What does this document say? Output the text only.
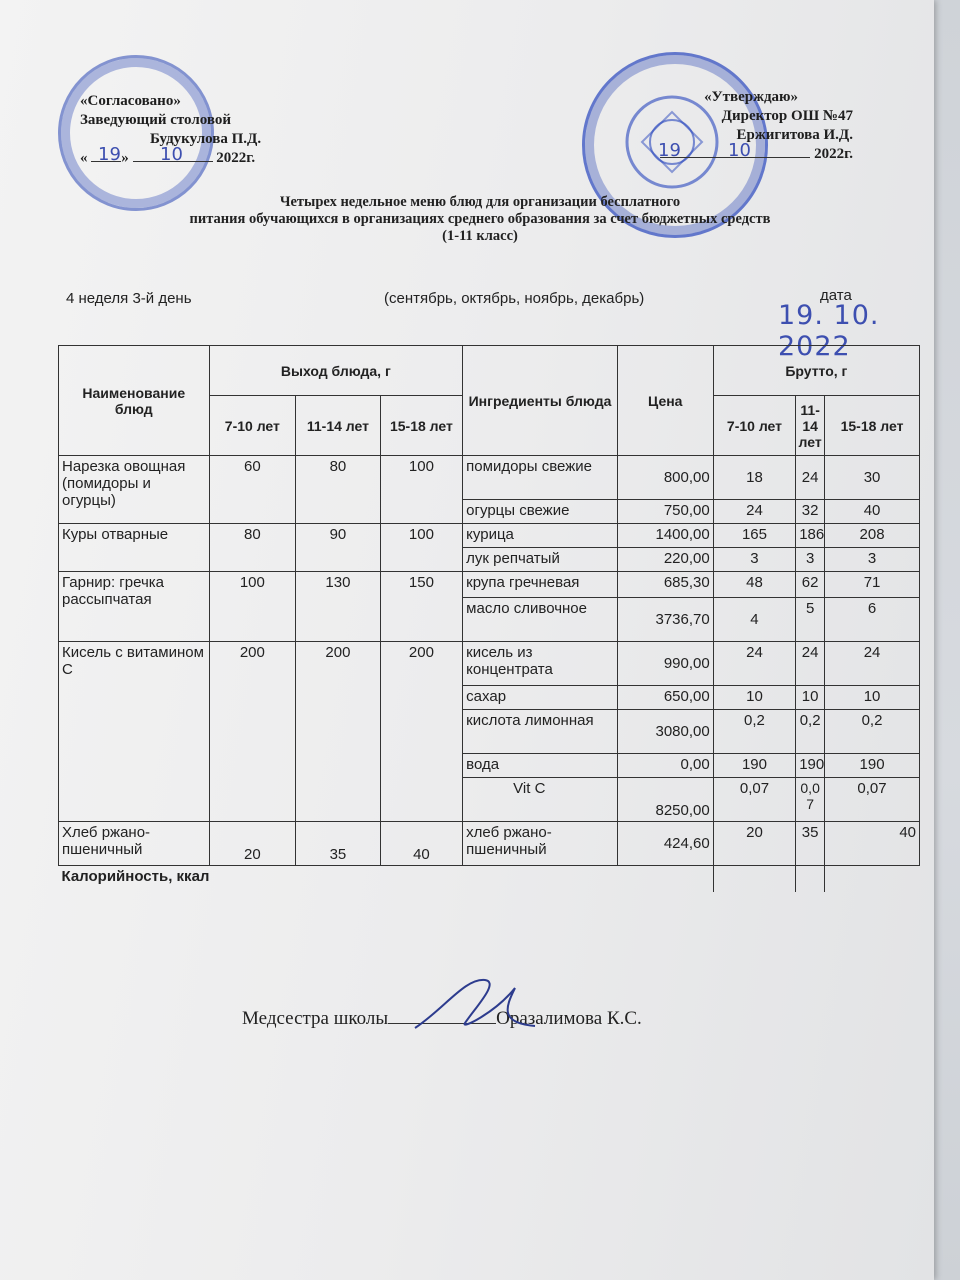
«Согласовано»
Заведующий столовой
Будукулова П.Д.
« »	2022г.
19 10
«Утверждаю»
Директор ОШ №47
Ержигитова И.Д.
2022г.
19	10
Четырех недельное меню блюд для организации бесплатного
питания обучающихся в организациях среднего образования за счет бюджетных средств
(1-11 класс)
4 неделя 3-й день	(сентябрь, октябрь, ноябрь, декабрь)	дата
19. 10. 2022
Наименование блюд	Выход блюда, г			Ингредиенты блюда	Цена	Брутто, г		
	7-10 лет	11-14 лет	15-18 лет			7-10 лет	11- 14 лет	15-18 лет
Нарезка овощная (помидоры и огурцы)	60	80	100	помидоры свежие	800,00	18	24	30
				огурцы свежие	750,00	24	32	40
Куры отварные	80	90	100	курица	1400,00	165	186	208
				лук репчатый	220,00	3	3	3
Гарнир: гречка рассыпчатая	100	130	150	крупа гречневая	685,30	48	62	71
				масло сливочное	3736,70	4	5	6
Кисель с витамином С	200	200	200	кисель из концентрата	990,00	24	24	24
				сахар	650,00	10	10	10
				кислота лимонная	3080,00	0,2	0,2	0,2
				вода	0,00	190	190	190
				Vit C	8250,00	0,07	0,0 7	0,07
Хлеб ржано-пшеничный	20	35	40	хлеб ржано-пшеничный	424,60	20	35	40
Калорийность, ккал								
Медсестра школы	Оразалимова К.С.
